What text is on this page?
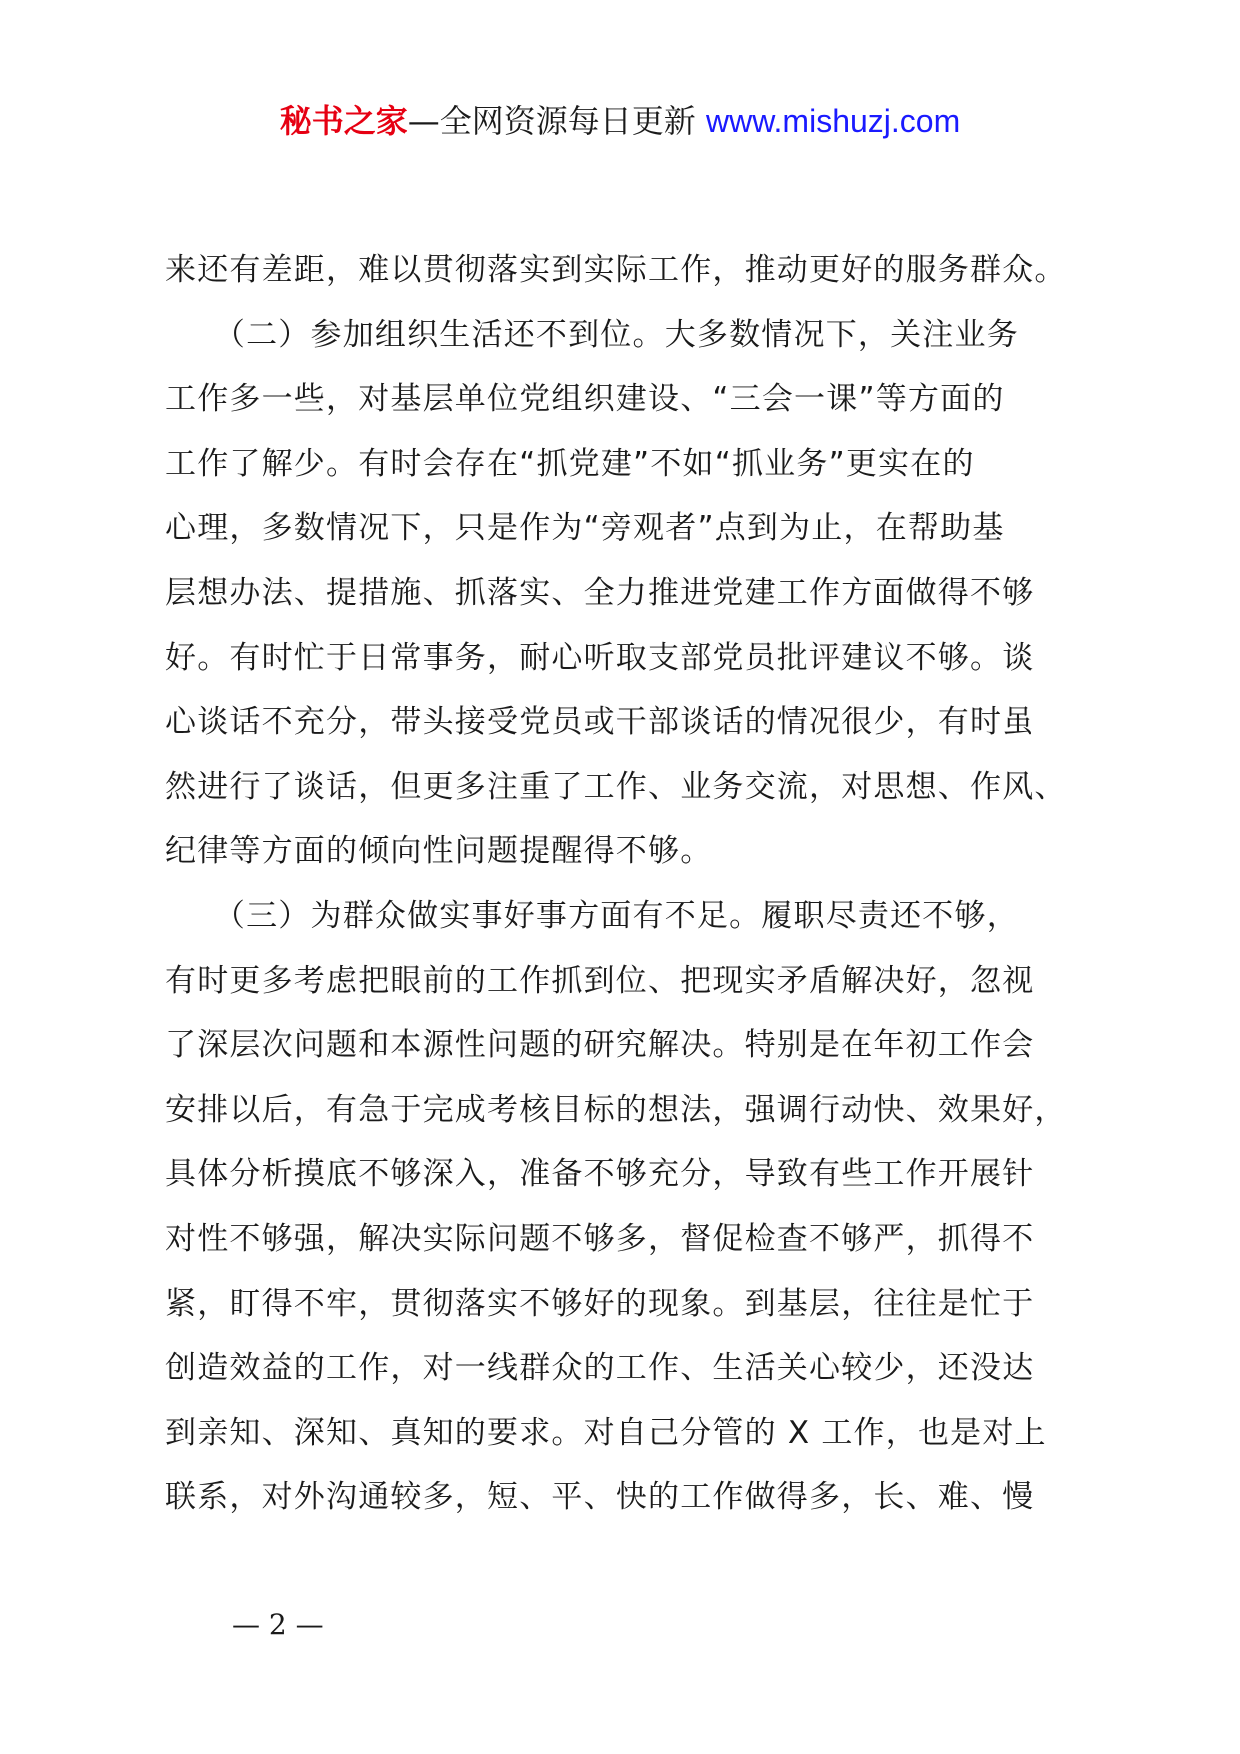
秘书之家—全网资源每日更新 www.mishuzj.com
来还有差距，难以贯彻落实到实际工作，推动更好的服务群众。
　　（二）参加组织生活还不到位。大多数情况下，关注业务
工作多一些，对基层单位党组织建设、“三会一课”等方面的
工作了解少。有时会存在“抓党建”不如“抓业务”更实在的
心理，多数情况下，只是作为“旁观者”点到为止，在帮助基
层想办法、提措施、抓落实、全力推进党建工作方面做得不够
好。有时忙于日常事务，耐心听取支部党员批评建议不够。谈
心谈话不充分，带头接受党员或干部谈话的情况很少，有时虽
然进行了谈话，但更多注重了工作、业务交流，对思想、作风、
纪律等方面的倾向性问题提醒得不够。
　　（三）为群众做实事好事方面有不足。履职尽责还不够，
有时更多考虑把眼前的工作抓到位、把现实矛盾解决好，忽视
了深层次问题和本源性问题的研究解决。特别是在年初工作会
安排以后，有急于完成考核目标的想法，强调行动快、效果好，
具体分析摸底不够深入，准备不够充分，导致有些工作开展针
对性不够强，解决实际问题不够多，督促检查不够严，抓得不
紧，盯得不牢，贯彻落实不够好的现象。到基层，往往是忙于
创造效益的工作，对一线群众的工作、生活关心较少，还没达
到亲知、深知、真知的要求。对自己分管的 X 工作，也是对上
联系，对外沟通较多，短、平、快的工作做得多，长、难、慢
— 2 —
